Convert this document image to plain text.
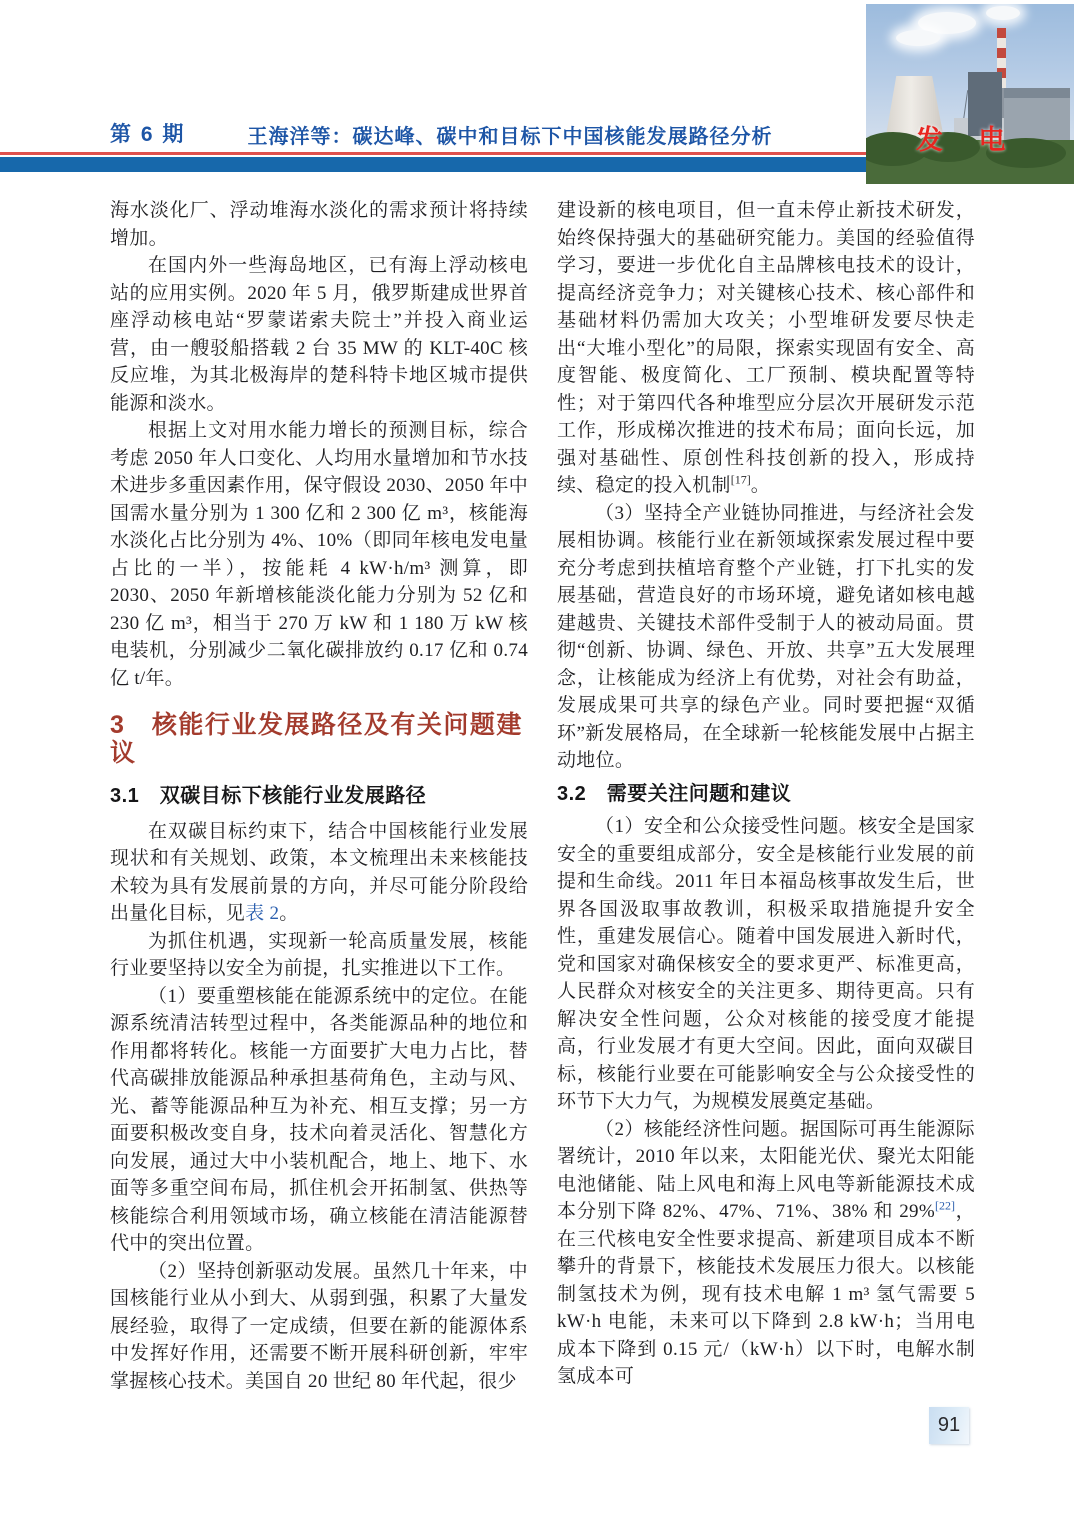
第 6 期	王海洋等：碳达峰、碳中和目标下中国核能发展路径分析	发 电

海水淡化厂、浮动堆海水淡化的需求预计将持续增加。

在国内外一些海岛地区，已有海上浮动核电站的应用实例。2020 年 5 月，俄罗斯建成世界首座浮动核电站“罗蒙诺索夫院士”并投入商业运营，由一艘驳船搭载 2 台 35 MW 的 KLT-40C 核反应堆，为其北极海岸的楚科特卡地区城市提供能源和淡水。

根据上文对用水能力增长的预测目标，综合考虑 2050 年人口变化、人均用水量增加和节水技术进步多重因素作用，保守假设 2030、2050 年中国需水量分别为 1 300 亿和 2 300 亿 m³，核能海水淡化占比分别为 4%、10%（即同年核电发电量占比的一半），按能耗 4 kW·h/m³ 测算，即 2030、2050 年新增核能淡化能力分别为 52 亿和 230 亿 m³，相当于 270 万 kW 和 1 180 万 kW 核电装机，分别减少二氧化碳排放约 0.17 亿和 0.74 亿 t/年。

3　核能行业发展路径及有关问题建议
3.1　双碳目标下核能行业发展路径

在双碳目标约束下，结合中国核能行业发展现状和有关规划、政策，本文梳理出未来核能技术较为具有发展前景的方向，并尽可能分阶段给出量化目标，见表 2。

为抓住机遇，实现新一轮高质量发展，核能行业要坚持以安全为前提，扎实推进以下工作。

（1）要重塑核能在能源系统中的定位。在能源系统清洁转型过程中，各类能源品种的地位和作用都将转化。核能一方面要扩大电力占比，替代高碳排放能源品种承担基荷角色，主动与风、光、蓄等能源品种互为补充、相互支撑；另一方面要积极改变自身，技术向着灵活化、智慧化方向发展，通过大中小装机配合，地上、地下、水面等多重空间布局，抓住机会开拓制氢、供热等核能综合利用领域市场，确立核能在清洁能源替代中的突出位置。

（2）坚持创新驱动发展。虽然几十年来，中国核能行业从小到大、从弱到强，积累了大量发展经验，取得了一定成绩，但要在新的能源体系中发挥好作用，还需要不断开展科研创新，牢牢掌握核心技术。美国自 20 世纪 80 年代起，很少

建设新的核电项目，但一直未停止新技术研发，始终保持强大的基础研究能力。美国的经验值得学习，要进一步优化自主品牌核电技术的设计，提高经济竞争力；对关键核心技术、核心部件和基础材料仍需加大攻关；小型堆研发要尽快走出“大堆小型化”的局限，探索实现固有安全、高度智能、极度简化、工厂预制、模块配置等特性；对于第四代各种堆型应分层次开展研发示范工作，形成梯次推进的技术布局；面向长远，加强对基础性、原创性科技创新的投入，形成持续、稳定的投入机制[17]。

（3）坚持全产业链协同推进，与经济社会发展相协调。核能行业在新领域探索发展过程中要充分考虑到扶植培育整个产业链，打下扎实的发展基础，营造良好的市场环境，避免诸如核电越建越贵、关键技术部件受制于人的被动局面。贯彻“创新、协调、绿色、开放、共享”五大发展理念，让核能成为经济上有优势，对社会有助益，发展成果可共享的绿色产业。同时要把握“双循环”新发展格局，在全球新一轮核能发展中占据主动地位。

3.2　需要关注问题和建议

（1）安全和公众接受性问题。核安全是国家安全的重要组成部分，安全是核能行业发展的前提和生命线。2011 年日本福岛核事故发生后，世界各国汲取事故教训，积极采取措施提升安全性，重建发展信心。随着中国发展进入新时代，党和国家对确保核安全的要求更严、标准更高，人民群众对核安全的关注更多、期待更高。只有解决安全性问题，公众对核能的接受度才能提高，行业发展才有更大空间。因此，面向双碳目标，核能行业要在可能影响安全与公众接受性的环节下大力气，为规模发展奠定基础。

（2）核能经济性问题。据国际可再生能源际署统计，2010 年以来，太阳能光伏、聚光太阳能电池储能、陆上风电和海上风电等新能源技术成本分别下降 82%、47%、71%、38% 和 29%[22]，在三代核电安全性要求提高、新建项目成本不断攀升的背景下，核能技术发展压力很大。以核能制氢技术为例，现有技术电解 1 m³ 氢气需要 5 kW·h 电能，未来可以下降到 2.8 kW·h；当用电成本下降到 0.15 元/（kW·h）以下时，电解水制氢成本可

91
